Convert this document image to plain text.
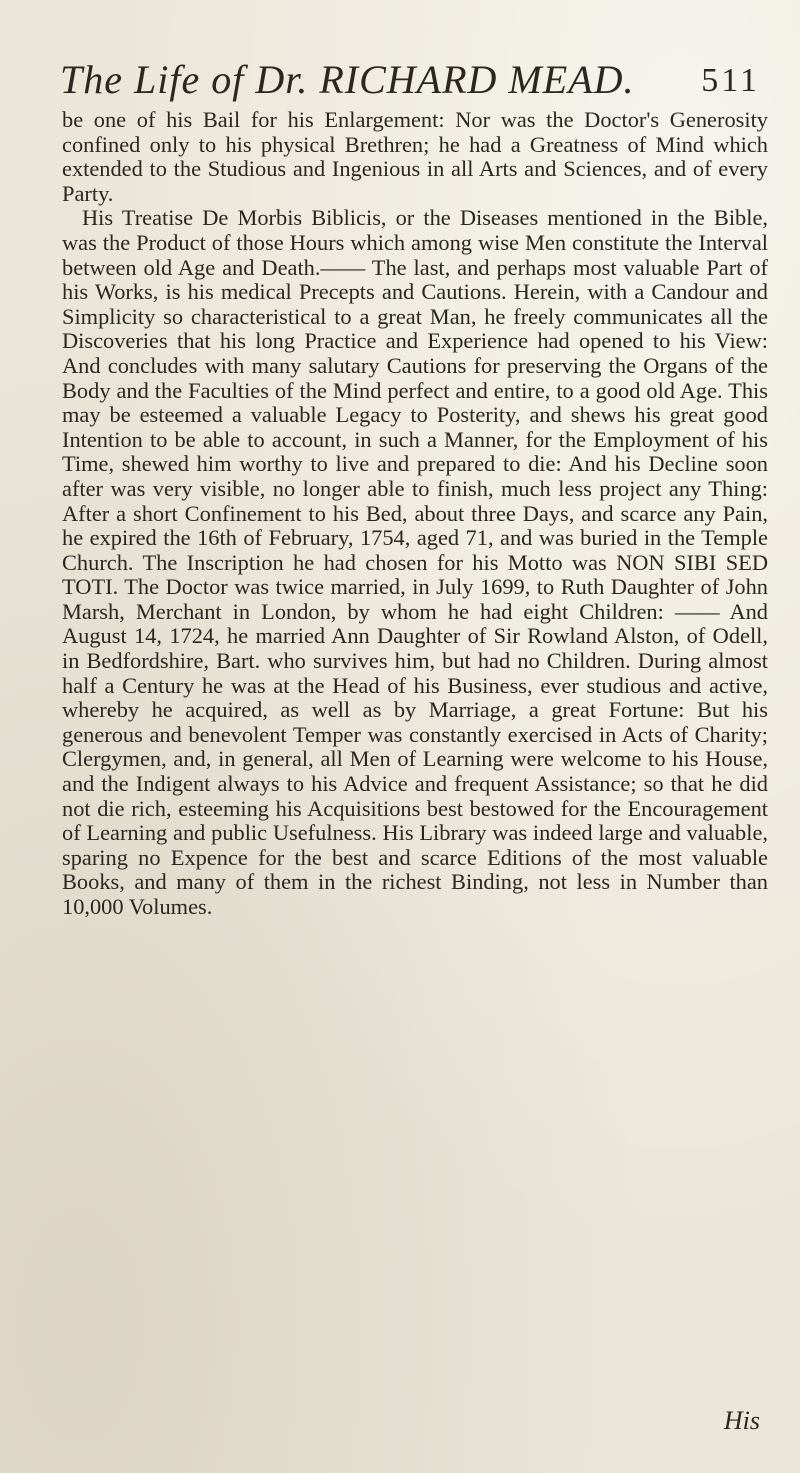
The Life of Dr. RICHARD MEAD. 511

be one of his Bail for his Enlargement: Nor was the Doctor's Generosity confined only to his physical Brethren; he had a Greatness of Mind which extended to the Studious and Ingenious in all Arts and Sciences, and of every Party.

His Treatise De Morbis Biblicis, or the Diseases mentioned in the Bible, was the Product of those Hours which among wise Men constitute the Interval between old Age and Death.—— The last, and perhaps most valuable Part of his Works, is his medical Precepts and Cautions. Herein, with a Candour and Simplicity so characteristical to a great Man, he freely communicates all the Discoveries that his long Practice and Experience had opened to his View: And concludes with many salutary Cautions for preserving the Organs of the Body and the Faculties of the Mind perfect and entire, to a good old Age. This may be esteemed a valuable Legacy to Posterity, and shews his great good Intention to be able to account, in such a Manner, for the Employment of his Time, shewed him worthy to live and prepared to die: And his Decline soon after was very visible, no longer able to finish, much less project any Thing: After a short Confinement to his Bed, about three Days, and scarce any Pain, he expired the 16th of February, 1754, aged 71, and was buried in the Temple Church. The Inscription he had chosen for his Motto was NON SIBI SED TOTI. The Doctor was twice married, in July 1699, to Ruth Daughter of John Marsh, Merchant in London, by whom he had eight Children: —— And August 14, 1724, he married Ann Daughter of Sir Rowland Alston, of Odell, in Bedfordshire, Bart. who survives him, but had no Children. During almost half a Century he was at the Head of his Business, ever studious and active, whereby he acquired, as well as by Marriage, a great Fortune: But his generous and benevolent Temper was constantly exercised in Acts of Charity; Clergymen, and, in general, all Men of Learning were welcome to his House, and the Indigent always to his Advice and frequent Assistance; so that he did not die rich, esteeming his Acquisitions best bestowed for the Encouragement of Learning and public Usefulness. His Library was indeed large and valuable, sparing no Expence for the best and scarce Editions of the most valuable Books, and many of them in the richest Binding, not less in Number than 10,000 Volumes.

His
